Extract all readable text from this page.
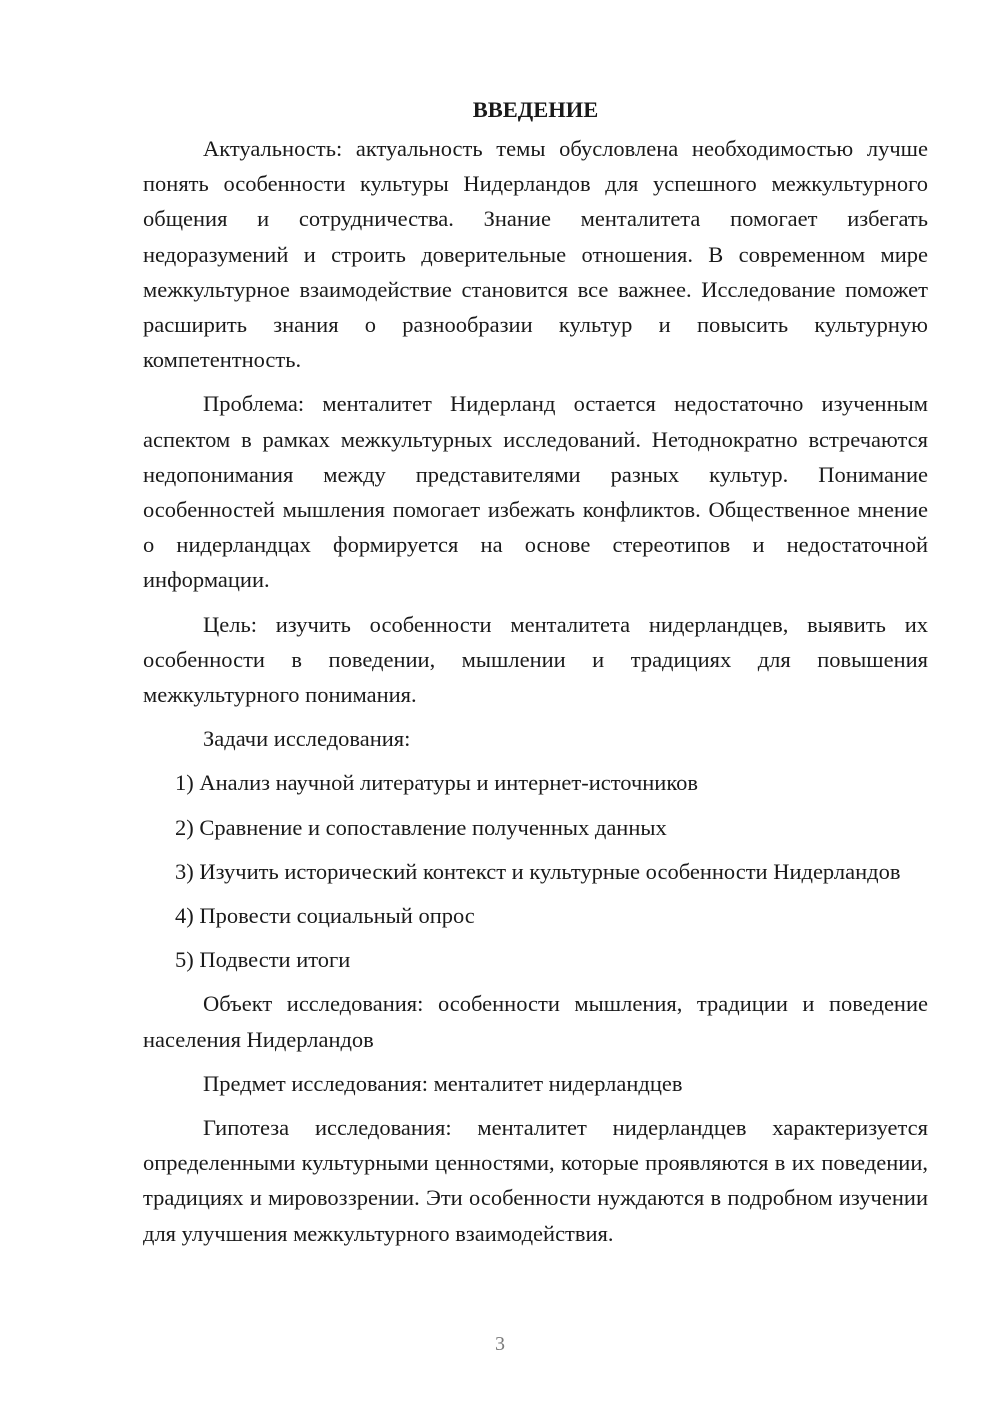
ВВЕДЕНИЕ

Актуальность: актуальность темы обусловлена необходимостью лучше понять особенности культуры Нидерландов для успешного межкультурного общения и сотрудничества. Знание менталитета помогает избегать недоразумений и строить доверительные отношения. В современном мире межкультурное взаимодействие становится все важнее. Исследование поможет расширить знания о разнообразии культур и повысить культурную компетентность.

Проблема: менталитет Нидерланд остается недостаточно изученным аспектом в рамках межкультурных исследований. Нетоднократно встречаются недопонимания между представителями разных культур. Понимание особенностей мышления помогает избежать конфликтов. Общественное мнение о нидерландцах формируется на основе стереотипов и недостаточной информации.

Цель: изучить особенности менталитета нидерландцев, выявить их особенности в поведении, мышлении и традициях для повышения межкультурного понимания.

Задачи исследования:

1) Анализ научной литературы и интернет-источников

2) Сравнение и сопоставление полученных данных

3) Изучить исторический контекст и культурные особенности Нидерландов

4) Провести социальный опрос

5) Подвести итоги

Объект исследования: особенности мышления, традиции и поведение населения Нидерландов

Предмет исследования: менталитет нидерландцев

Гипотеза исследования: менталитет нидерландцев характеризуется определенными культурными ценностями, которые проявляются в их поведении, традициях и мировоззрении. Эти особенности нуждаются в подробном изучении для улучшения межкультурного взаимодействия.

3
